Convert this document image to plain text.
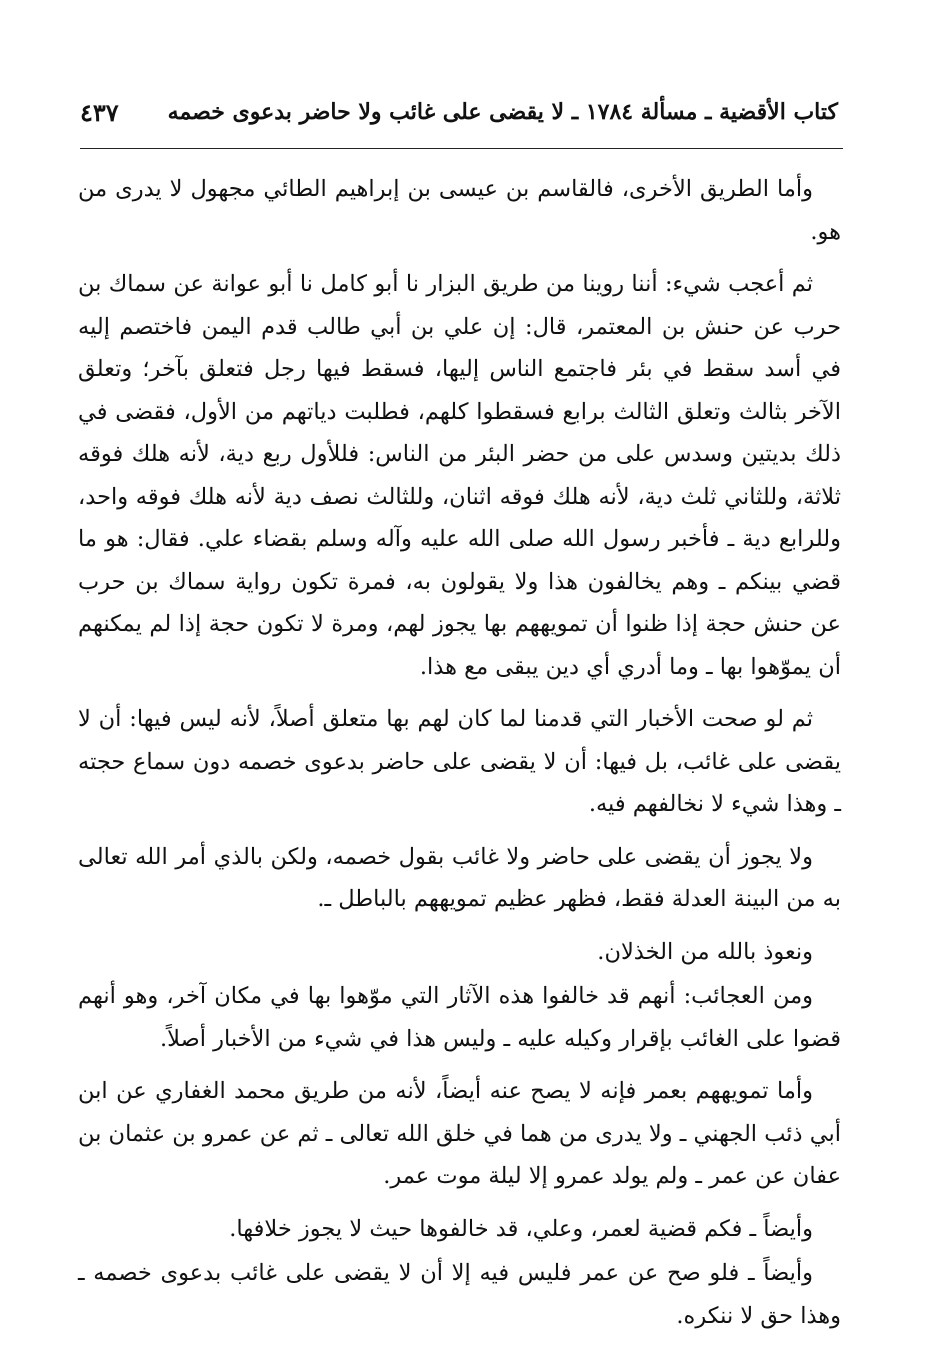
كتاب الأقضية ـ مسألة ١٧٨٤ ـ لا يقضى على غائب ولا حاضر بدعوى خصمه
٤٣٧

وأما الطريق الأخرى، فالقاسم بن عيسى بن إبراهيم الطائي مجهول لا يدرى من هو.

ثم أعجب شيء: أننا روينا من طريق البزار نا أبو كامل نا أبو عوانة عن سماك بن حرب عن حنش بن المعتمر، قال: إن علي بن أبي طالب قدم اليمن فاختصم إليه في أسد سقط في بئر فاجتمع الناس إليها، فسقط فيها رجل فتعلق بآخر؛ وتعلق الآخر بثالث وتعلق الثالث برابع فسقطوا كلهم، فطلبت دياتهم من الأول، فقضى في ذلك بديتين وسدس على من حضر البئر من الناس: فللأول ربع دية، لأنه هلك فوقه ثلاثة، وللثاني ثلث دية، لأنه هلك فوقه اثنان، وللثالث نصف دية لأنه هلك فوقه واحد، وللرابع دية ـ فأخبر رسول الله صلى الله عليه وآله وسلم بقضاء علي. فقال: هو ما قضي بينكم ـ وهم يخالفون هذا ولا يقولون به، فمرة تكون رواية سماك بن حرب عن حنش حجة إذا ظنوا أن تمويههم بها يجوز لهم، ومرة لا تكون حجة إذا لم يمكنهم أن يموّهوا بها ـ وما أدري أي دين يبقى مع هذا.

ثم لو صحت الأخبار التي قدمنا لما كان لهم بها متعلق أصلاً، لأنه ليس فيها: أن لا يقضى على غائب، بل فيها: أن لا يقضى على حاضر بدعوى خصمه دون سماع حجته ـ وهذا شيء لا نخالفهم فيه.

ولا يجوز أن يقضى على حاضر ولا غائب بقول خصمه، ولكن بالذي أمر الله تعالى به من البينة العدلة فقط، فظهر عظيم تمويههم بالباطل ـ.

ونعوذ بالله من الخذلان.

ومن العجائب: أنهم قد خالفوا هذه الآثار التي موّهوا بها في مكان آخر، وهو أنهم قضوا على الغائب بإقرار وكيله عليه ـ وليس هذا في شيء من الأخبار أصلاً.

وأما تمويههم بعمر فإنه لا يصح عنه أيضاً، لأنه من طريق محمد الغفاري عن ابن أبي ذئب الجهني ـ ولا يدرى من هما في خلق الله تعالى ـ ثم عن عمرو بن عثمان بن عفان عن عمر ـ ولم يولد عمرو إلا ليلة موت عمر.

وأيضاً ـ فكم قضية لعمر، وعلي، قد خالفوها حيث لا يجوز خلافها.

وأيضاً ـ فلو صح عن عمر فليس فيه إلا أن لا يقضى على غائب بدعوى خصمه ـ وهذا حق لا ننكره.
